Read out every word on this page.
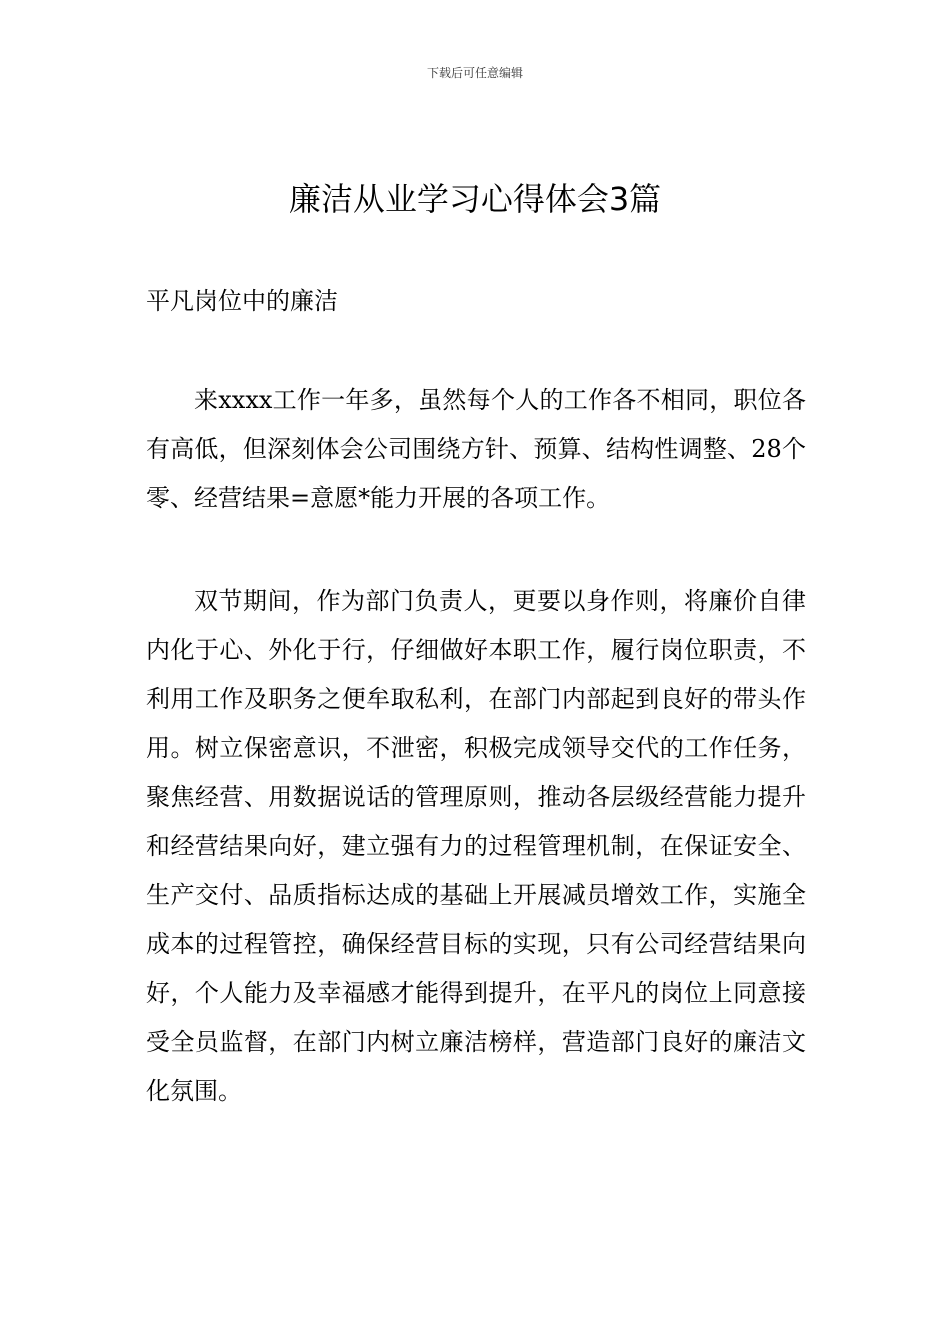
下载后可任意编辑
廉洁从业学习心得体会3篇
平凡岗位中的廉洁

来xxxx工作一年多，虽然每个人的工作各不相同，职位各有高低，但深刻体会公司围绕方针、预算、结构性调整、28个零、经营结果=意愿*能力开展的各项工作。

双节期间，作为部门负责人，更要以身作则，将廉价自律内化于心、外化于行，仔细做好本职工作，履行岗位职责，不利用工作及职务之便牟取私利，在部门内部起到良好的带头作用。树立保密意识，不泄密，积极完成领导交代的工作任务，聚焦经营、用数据说话的管理原则，推动各层级经营能力提升和经营结果向好，建立强有力的过程管理机制，在保证安全、生产交付、品质指标达成的基础上开展减员增效工作，实施全成本的过程管控，确保经营目标的实现，只有公司经营结果向好，个人能力及幸福感才能得到提升，在平凡的岗位上同意接受全员监督，在部门内树立廉洁榜样，营造部门良好的廉洁文化氛围。
